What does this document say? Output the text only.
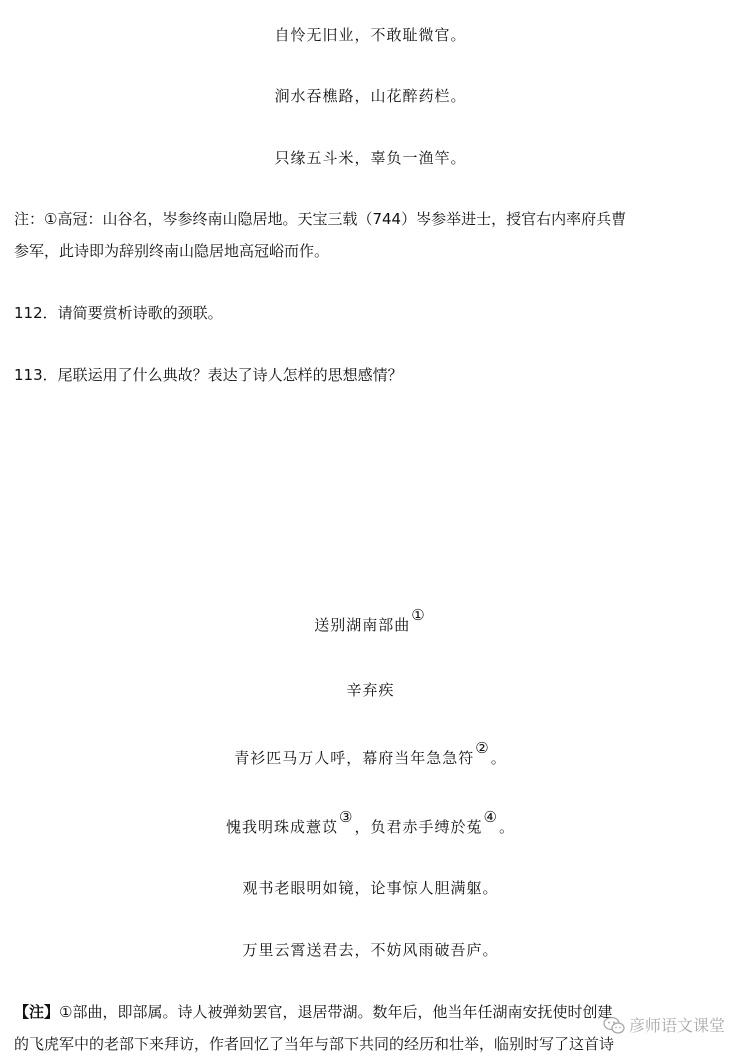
自怜无旧业，不敢耻微官。
涧水吞樵路，山花醉药栏。
只缘五斗米，辜负一渔竿。
注：①高冠：山谷名，岑参终南山隐居地。天宝三载（744）岑参举进士，授官右内率府兵曹
参军，此诗即为辞别终南山隐居地高冠峪而作。
112．请简要赏析诗歌的颈联。
113．尾联运用了什么典故？表达了诗人怎样的思想感情？
送别湖南部曲①
辛弃疾
青衫匹马万人呼，幕府当年急急符②。
愧我明珠成薏苡③，负君赤手缚於菟④。
观书老眼明如镜，论事惊人胆满躯。
万里云霄送君去，不妨风雨破吾庐。
【注】①部曲，即部属。诗人被弹劾罢官，退居带湖。数年后，他当年任湖南安抚使时创建
的飞虎军中的老部下来拜访，作者回忆了当年与部下共同的经历和壮举，临别时写了这首诗
彦师语文课堂
